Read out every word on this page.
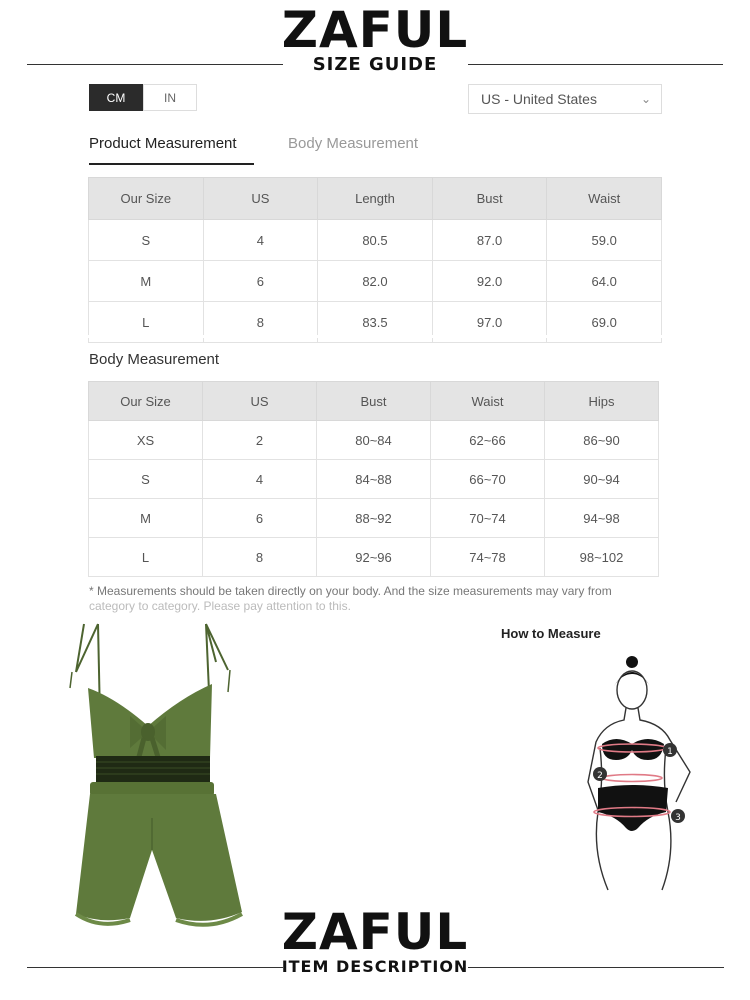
ZAFUL
SIZE GUIDE
CM	IN	US - United States	⌄
Product Measurement	Body Measurement
Our Size	US	Length	Bust	Waist
S	4	80.5	87.0	59.0
M	6	82.0	92.0	64.0
L	8	83.5	97.0	69.0
Body Measurement
Our Size	US	Bust	Waist	Hips
XS	2	80~84	62~66	86~90
S	4	84~88	66~70	90~94
M	6	88~92	70~74	94~98
L	8	92~96	74~78	98~102
* Measurements should be taken directly on your body. And the size measurements may vary from
category to category. Please pay attention to this.
How to Measure
1
2
3
ZAFUL
ITEM DESCRIPTION
